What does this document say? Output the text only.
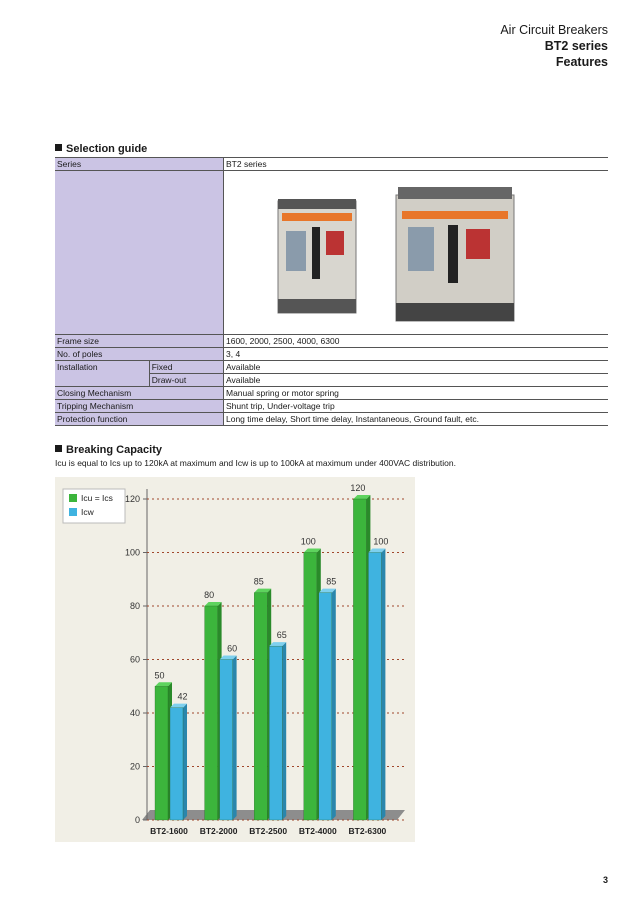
Air Circuit Breakers
BT2 series
Features
Selection guide
Series		BT2 series

Frame size		1600, 2000, 2500, 4000, 6300
No. of poles		3, 4
Installation	Fixed	Available
	Draw-out	Available
Closing Mechanism		Manual spring or motor spring
Tripping Mechanism		Shunt trip, Under-voltage trip
Protection function		Long time delay, Short time delay, Instantaneous, Ground fault, etc.
Breaking Capacity
Icu is equal to Ics up to 120kA at maximum and Icw is up to 100kA at maximum under 400VAC distribution.
0
20
40
60
80
100
120
50
42
BT2-1600
80
60
BT2-2000
85
65
BT2-2500
100
85
BT2-4000
120
100
BT2-6300
Icu = Ics
Icw
3
